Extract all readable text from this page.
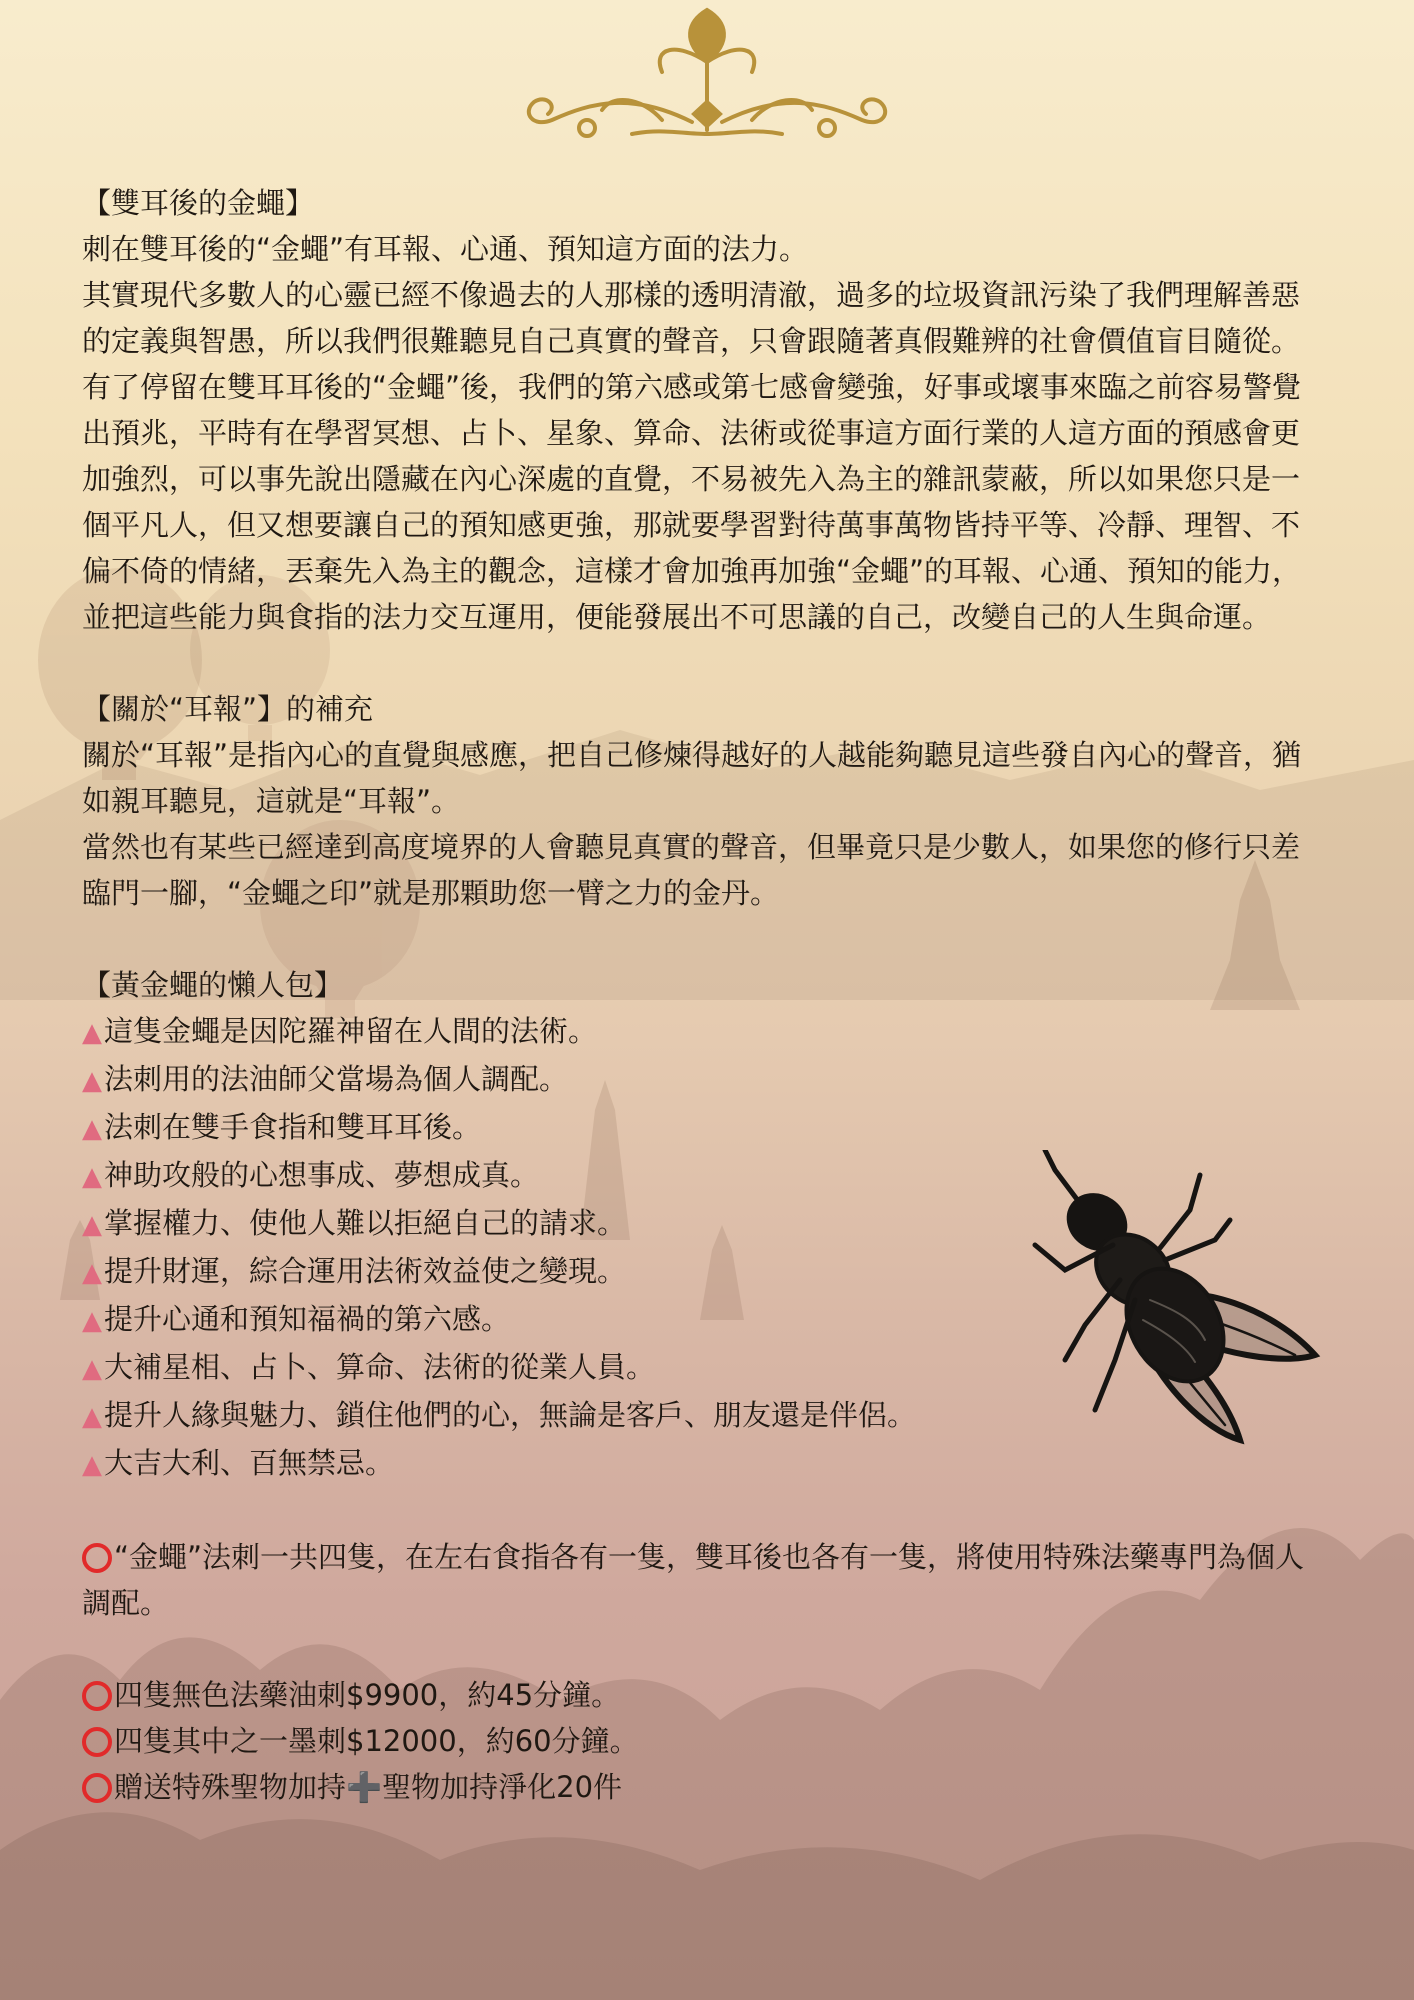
【雙耳後的金蠅】

刺在雙耳後的“金蠅”有耳報、心通、預知這方面的法力。

其實現代多數人的心靈已經不像過去的人那樣的透明清澈，過多的垃圾資訊污染了我們理解善惡的定義與智愚，所以我們很難聽見自己真實的聲音，只會跟隨著真假難辨的社會價值盲目隨從。

有了停留在雙耳耳後的“金蠅”後，我們的第六感或第七感會變強，好事或壞事來臨之前容易警覺出預兆，平時有在學習冥想、占卜、星象、算命、法術或從事這方面行業的人這方面的預感會更加強烈，可以事先說出隱藏在內心深處的直覺，不易被先入為主的雜訊蒙蔽，所以如果您只是一個平凡人，但又想要讓自己的預知感更強，那就要學習對待萬事萬物皆持平等、冷靜、理智、不偏不倚的情緒，丟棄先入為主的觀念，這樣才會加強再加強“金蠅”的耳報、心通、預知的能力，並把這些能力與食指的法力交互運用，便能發展出不可思議的自己，改變自己的人生與命運。

【關於“耳報”】的補充

關於“耳報”是指內心的直覺與感應，把自己修煉得越好的人越能夠聽見這些發自內心的聲音，猶如親耳聽見，這就是“耳報”。

當然也有某些已經達到高度境界的人會聽見真實的聲音，但畢竟只是少數人，如果您的修行只差臨門一腳，“金蠅之印”就是那顆助您一臂之力的金丹。

【黃金蠅的懶人包】

▲這隻金蠅是因陀羅神留在人間的法術。
▲法刺用的法油師父當場為個人調配。
▲法刺在雙手食指和雙耳耳後。
▲神助攻般的心想事成、夢想成真。
▲掌握權力、使他人難以拒絕自己的請求。
▲提升財運，綜合運用法術效益使之變現。
▲提升心通和預知福禍的第六感。
▲大補星相、占卜、算命、法術的從業人員。
▲提升人緣與魅力、鎖住他們的心，無論是客戶、朋友還是伴侶。
▲大吉大利、百無禁忌。

“金蠅”法刺一共四隻，在左右食指各有一隻，雙耳後也各有一隻，將使用特殊法藥專門為個人調配。

四隻無色法藥油刺$9900，約45分鐘。
四隻其中之一墨刺$12000，約60分鐘。
贈送特殊聖物加持➕聖物加持淨化20件
